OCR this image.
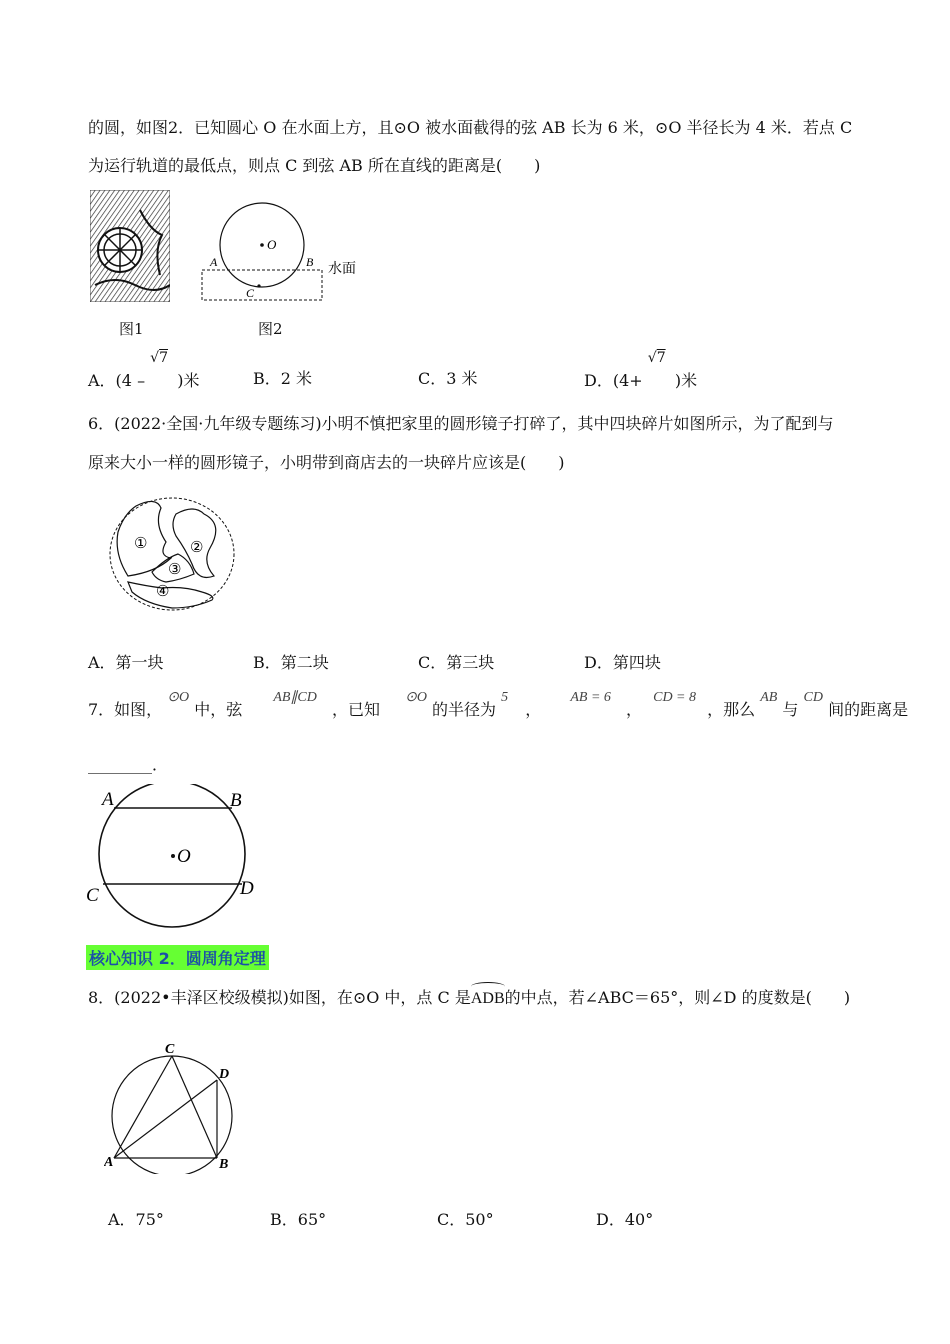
的圆，如图2．已知圆心 O 在水面上方，且⊙O 被水面截得的弦 AB 长为 6 米，⊙O 半径长为 4 米．若点 C
为运行轨道的最低点，则点 C 到弦 AB 所在直线的距离是(　　)
图1
O
A	B
C
水面
图2
A．(4 –
√7
)米	B．2 米	C．3 米	D．(4+
√7
)米
6．(2022·全国·九年级专题练习)小明不慎把家里的圆形镜子打碎了，其中四块碎片如图所示，为了配到与
原来大小一样的圆形镜子，小明带到商店去的一块碎片应该是(　　)
①	②
③
④
A．第一块	B．第二块	C．第三块	D．第四块
7．如图， ⊙O 中，弦 AB∥CD ，已知 ⊙O 的半径为 5 ， AB = 6 ， CD = 8 ，那么 AB 与 CD 间的距离是
________．
O
A	B
C	D
核心知识 2．圆周角定理
8．(2022•丰泽区校级模拟)如图，在⊙O 中，点 C 是
ADB的中点，若∠ABC＝65°，则∠D 的度数是(　　)
C
D
A	B
A．75°	B．65°	C．50°	D．40°
